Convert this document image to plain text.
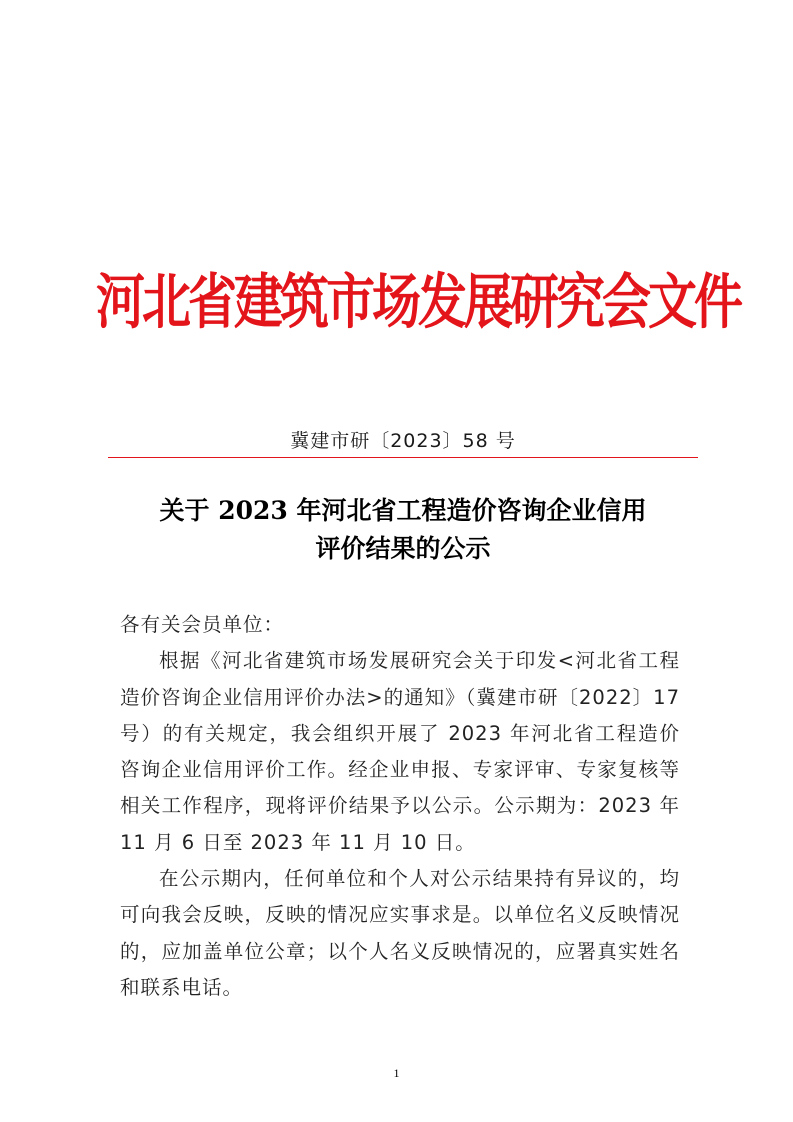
河北省建筑市场发展研究会文件
冀建市研〔2023〕58 号
关于 2023 年河北省工程造价咨询企业信用
评价结果的公示

各有关会员单位：

根据《河北省建筑市场发展研究会关于印发<河北省工程造价咨询企业信用评价办法>的通知》（冀建市研〔2022〕17 号）的有关规定，我会组织开展了 2023 年河北省工程造价咨询企业信用评价工作。经企业申报、专家评审、专家复核等相关工作程序，现将评价结果予以公示。公示期为：2023 年 11 月 6 日至 2023 年 11 月 10 日。

在公示期内，任何单位和个人对公示结果持有异议的，均可向我会反映，反映的情况应实事求是。以单位名义反映情况的，应加盖单位公章；以个人名义反映情况的，应署真实姓名和联系电话。

1
